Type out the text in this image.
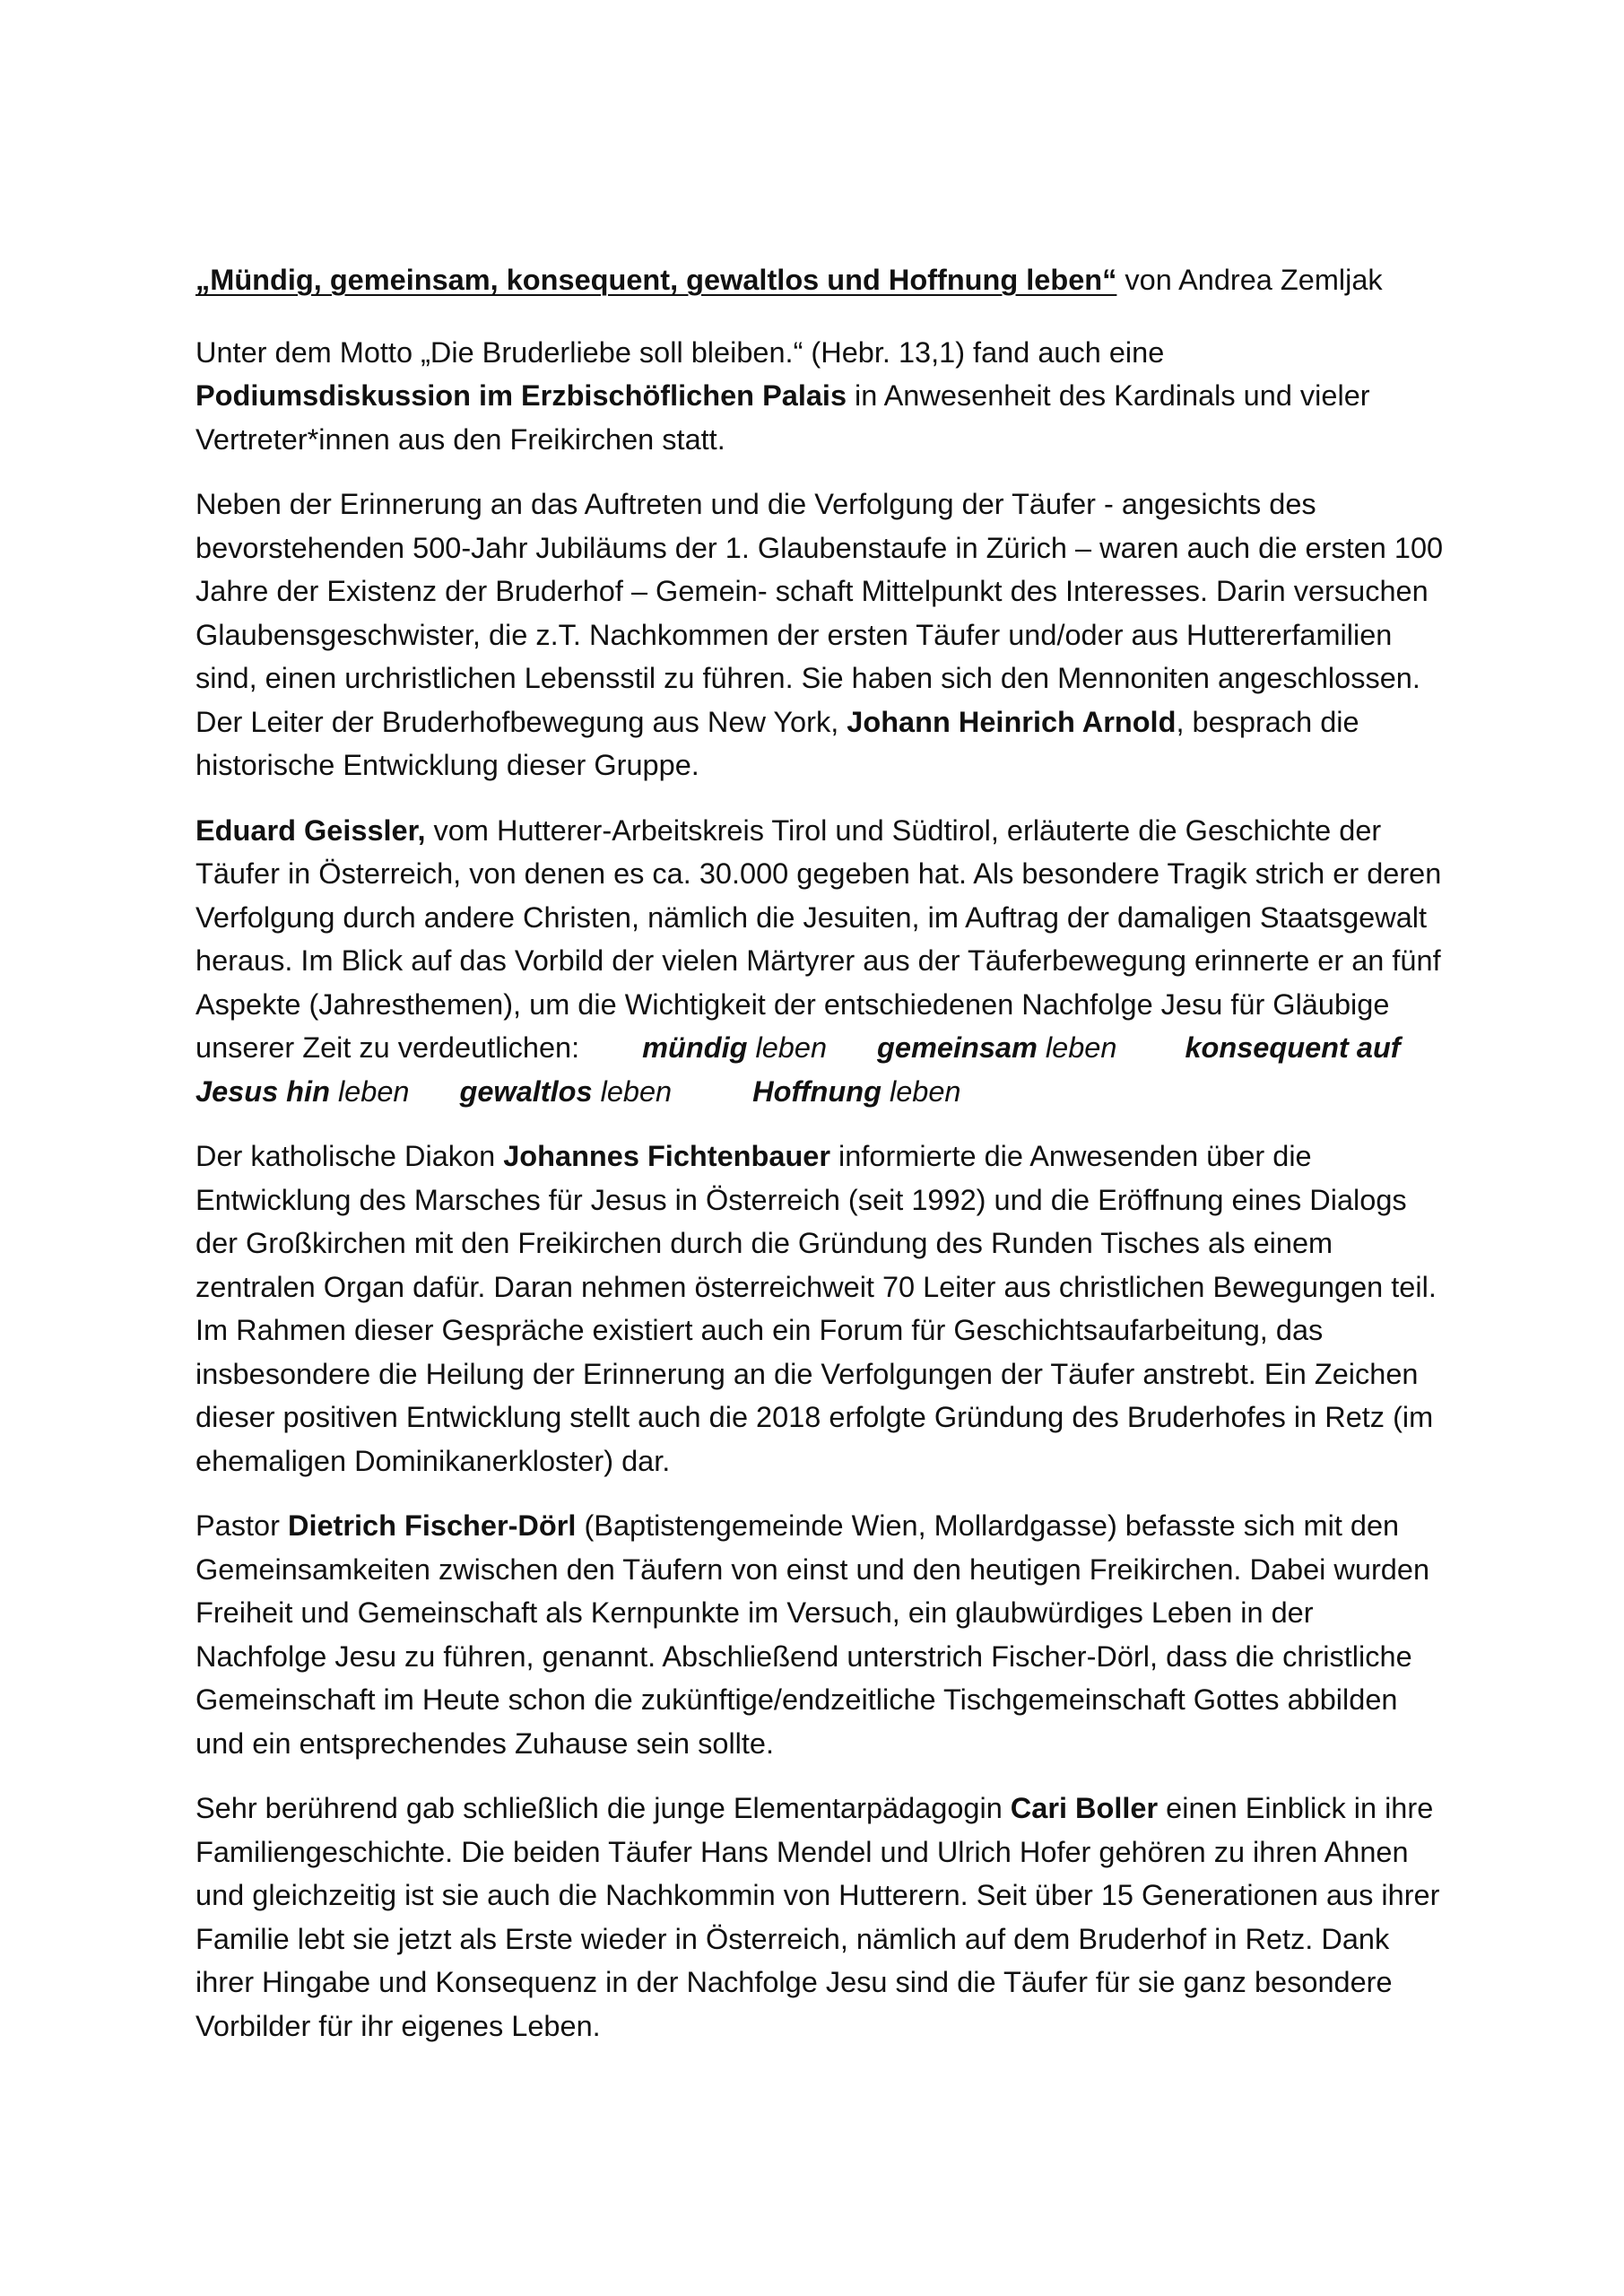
„Mündig, gemeinsam, konsequent, gewaltlos und Hoffnung leben“ von Andrea Zemljak

Unter dem Motto „Die Bruderliebe soll bleiben.“ (Hebr. 13,1) fand auch eine
Podiumsdiskussion im Erzbischöflichen Palais in Anwesenheit des Kardinals und vieler Vertreter*innen aus den Freikirchen statt.

Neben der Erinnerung an das Auftreten und die Verfolgung der Täufer - angesichts des bevorstehenden 500-Jahr Jubiläums der 1. Glaubenstaufe in Zürich – waren auch die ersten 100 Jahre der Existenz der Bruderhof – Gemein- schaft Mittelpunkt des Interesses. Darin versuchen Glaubensgeschwister, die z.T. Nachkommen der ersten Täufer und/oder aus Huttererfamilien sind, einen urchristlichen Lebensstil zu führen. Sie haben sich den Mennoniten angeschlossen. Der Leiter der Bruderhofbewegung aus New York, Johann Heinrich Arnold, besprach die historische Entwicklung dieser Gruppe.

Eduard Geissler, vom Hutterer-Arbeitskreis Tirol und Südtirol, erläuterte die Geschichte der Täufer in Österreich, von denen es ca. 30.000 gegeben hat. Als besondere Tragik strich er deren Verfolgung durch andere Christen, nämlich die Jesuiten, im Auftrag der damaligen Staatsgewalt heraus. Im Blick auf das Vorbild der vielen Märtyrer aus der Täuferbewegung erinnerte er an fünf Aspekte (Jahresthemen), um die Wichtigkeit der entschiedenen Nachfolge Jesu für Gläubige unserer Zeit zu verdeutlichen: mündig leben gemeinsam leben konsequent auf Jesus hin leben gewaltlos leben	Hoffnung leben

Der katholische Diakon Johannes Fichtenbauer informierte die Anwesenden über die Entwicklung des Marsches für Jesus in Österreich (seit 1992) und die Eröffnung eines Dialogs der Großkirchen mit den Freikirchen durch die Gründung des Runden Tisches als einem zentralen Organ dafür. Daran nehmen österreichweit 70 Leiter aus christlichen Bewegungen teil. Im Rahmen dieser Gespräche existiert auch ein Forum für Geschichtsaufarbeitung, das insbesondere die Heilung der Erinnerung an die Verfolgungen der Täufer anstrebt. Ein Zeichen dieser positiven Entwicklung stellt auch die 2018 erfolgte Gründung des Bruderhofes in Retz (im ehemaligen Dominikanerkloster) dar.

Pastor Dietrich Fischer-Dörl (Baptistengemeinde Wien, Mollardgasse) befasste sich mit den Gemeinsamkeiten zwischen den Täufern von einst und den heutigen Freikirchen. Dabei wurden Freiheit und Gemeinschaft als Kernpunkte im Versuch, ein glaubwürdiges Leben in der Nachfolge Jesu zu führen, genannt. Abschließend unterstrich Fischer-Dörl, dass die christliche Gemeinschaft im Heute schon die zukünftige/endzeitliche Tischgemeinschaft Gottes abbilden und ein entsprechendes Zuhause sein sollte.

Sehr berührend gab schließlich die junge Elementarpädagogin Cari Boller einen Einblick in ihre Familiengeschichte. Die beiden Täufer Hans Mendel und Ulrich Hofer gehören zu ihren Ahnen und gleichzeitig ist sie auch die Nachkommin von Hutterern. Seit über 15 Generationen aus ihrer Familie lebt sie jetzt als Erste wieder in Österreich, nämlich auf dem Bruderhof in Retz. Dank ihrer Hingabe und Konsequenz in der Nachfolge Jesu sind die Täufer für sie ganz besondere Vorbilder für ihr eigenes Leben.
